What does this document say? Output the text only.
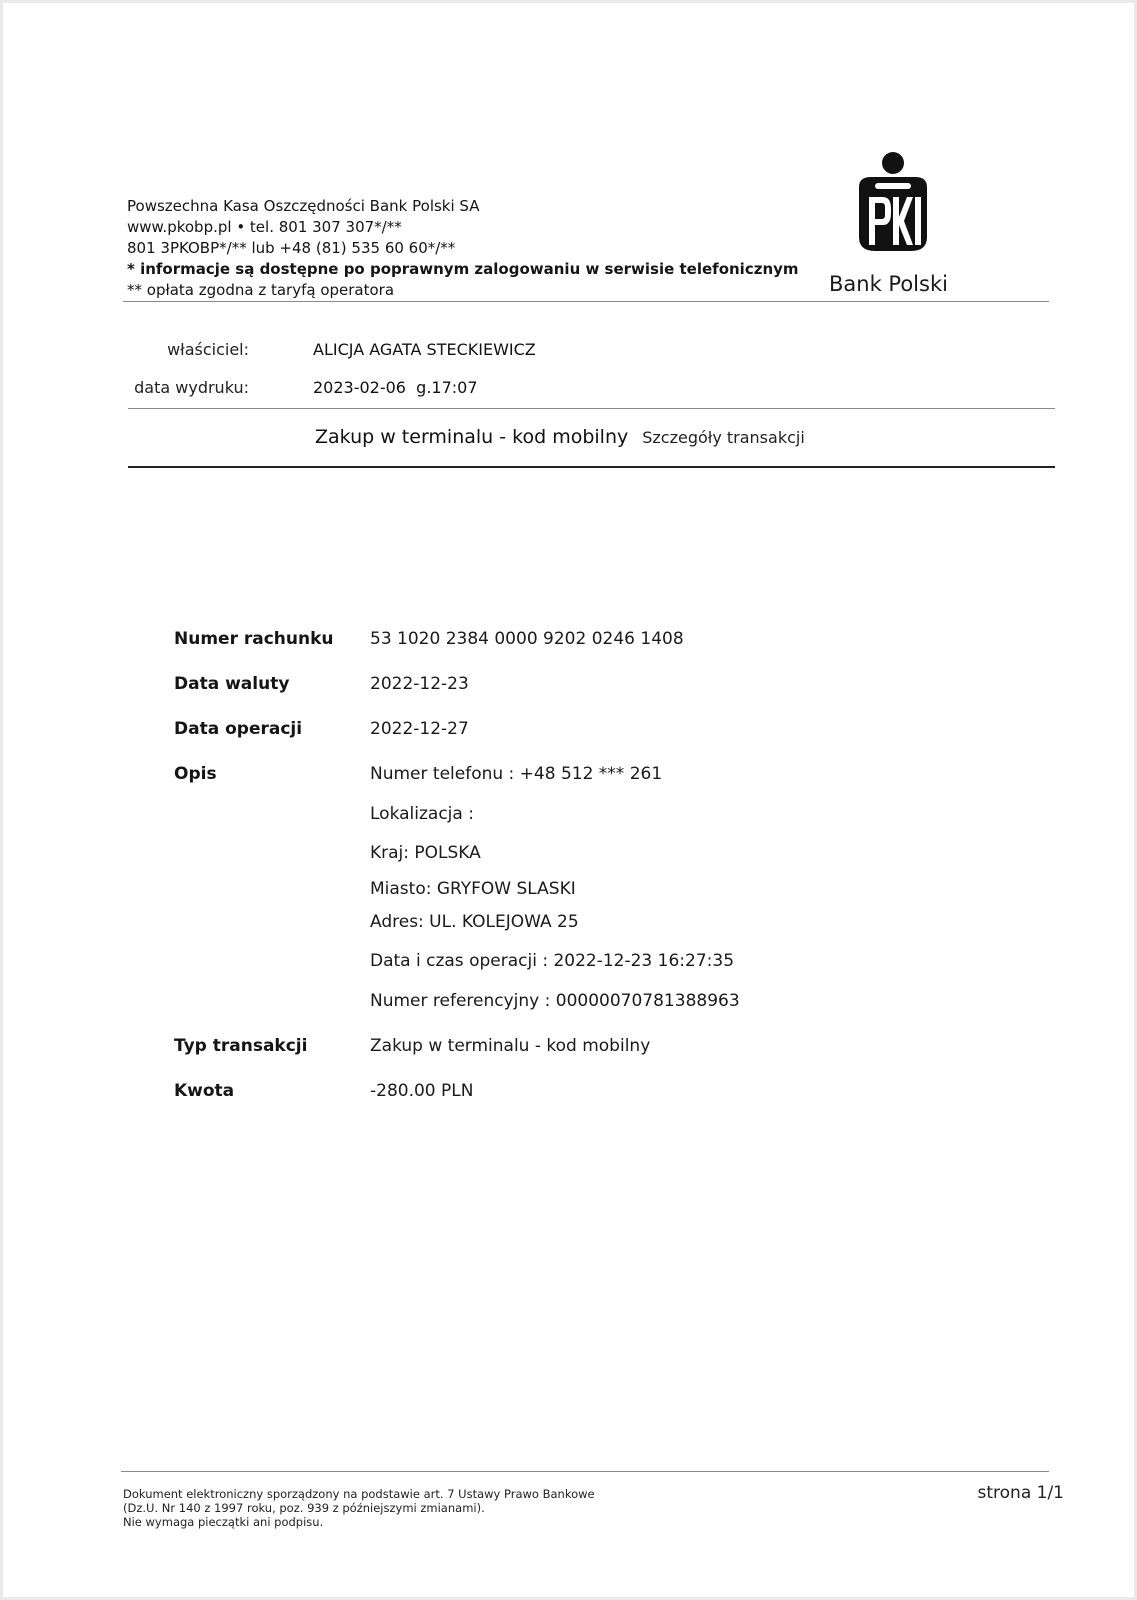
Powszechna Kasa Oszczędności Bank Polski SA
www.pkobp.pl • tel. 801 307 307*/**
801 3PKOBP*/** lub +48 (81) 535 60 60*/**
* informacje są dostępne po poprawnym zalogowaniu w serwisie telefonicznym
** opłata zgodna z taryfą operatora	Bank Polski
właściciel:	ALICJA AGATA STECKIEWICZ
data wydruku:	2023-02-06  g.17:07
Zakup w terminalu - kod mobilny Szczegóły transakcji
Numer rachunku 53 1020 2384 0000 9202 0246 1408
Data waluty	2022-12-23
Data operacji	2022-12-27
Opis	Numer telefonu : +48 512 *** 261
Lokalizacja :
Kraj: POLSKA
Miasto: GRYFOW SLASKI
Adres: UL. KOLEJOWA 25
Data i czas operacji : 2022-12-23 16:27:35
Numer referencyjny : 00000070781388963
Typ transakcji	Zakup w terminalu - kod mobilny
Kwota	-280.00 PLN
Dokument elektroniczny sporządzony na podstawie art. 7 Ustawy Prawo Bankowe
(Dz.U. Nr 140 z 1997 roku, poz. 939 z późniejszymi zmianami).
Nie wymaga pieczątki ani podpisu.
strona 1/1
